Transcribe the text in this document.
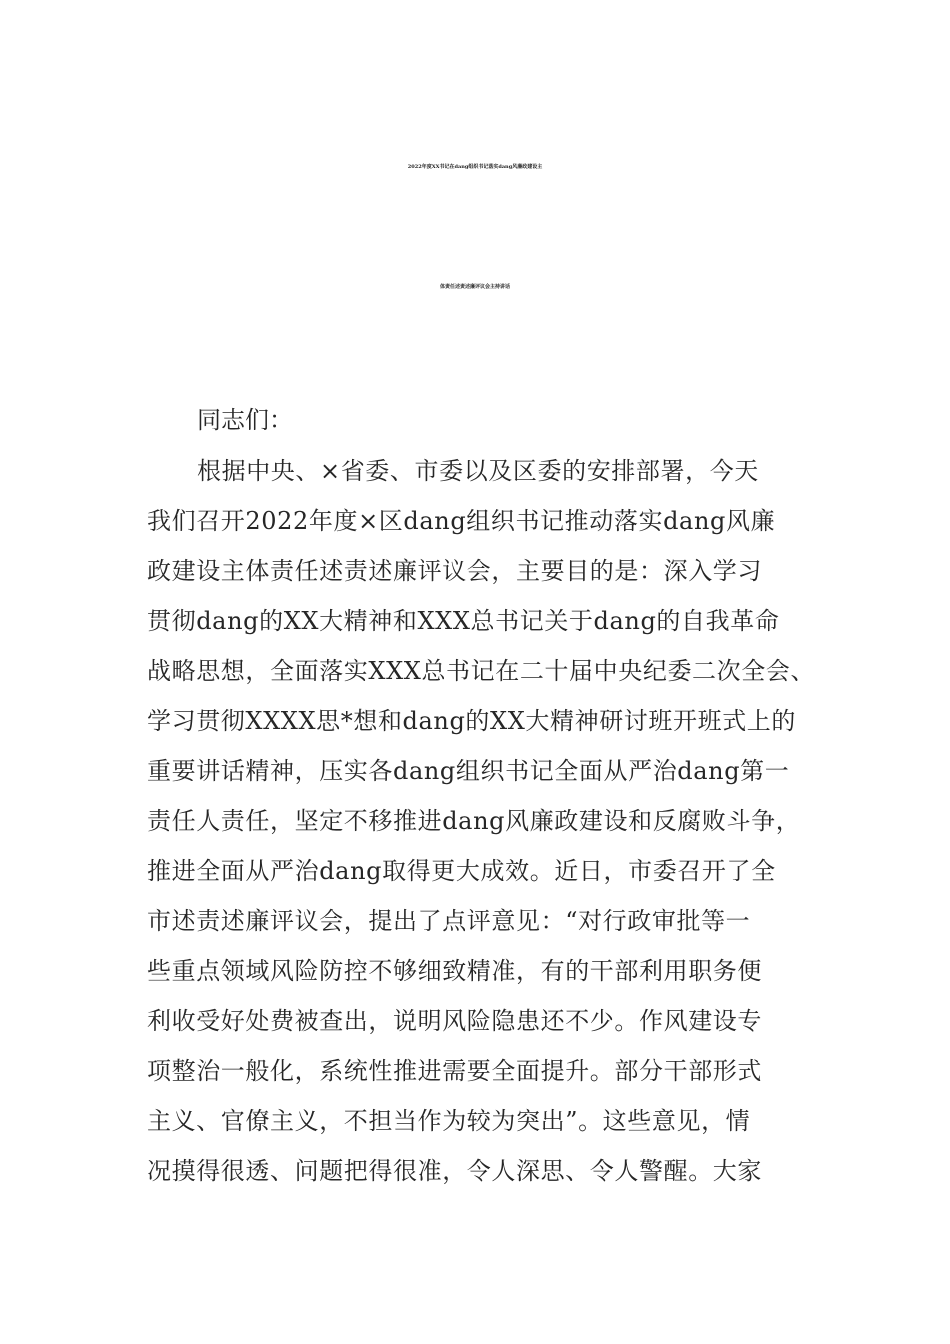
2022年度XX书记在dang组织书记落实dang风廉政建设主
体责任述责述廉评议会主持讲话
同志们：
根据中央、×省委、市委以及区委的安排部署，今天
我们召开2022年度×区dang组织书记推动落实dang风廉
政建设主体责任述责述廉评议会，主要目的是：深入学习
贯彻dang的XX大精神和XXX总书记关于dang的自我革命
战略思想，全面落实XXX总书记在二十届中央纪委二次全会、
学习贯彻XXXX思*想和dang的XX大精神研讨班开班式上的
重要讲话精神，压实各dang组织书记全面从严治dang第一
责任人责任，坚定不移推进dang风廉政建设和反腐败斗争，
推进全面从严治dang取得更大成效。近日，市委召开了全
市述责述廉评议会，提出了点评意见：“对行政审批等一
些重点领域风险防控不够细致精准，有的干部利用职务便
利收受好处费被查出，说明风险隐患还不少。作风建设专
项整治一般化，系统性推进需要全面提升。部分干部形式
主义、官僚主义，不担当作为较为突出”。这些意见，情
况摸得很透、问题把得很准，令人深思、令人警醒。大家
